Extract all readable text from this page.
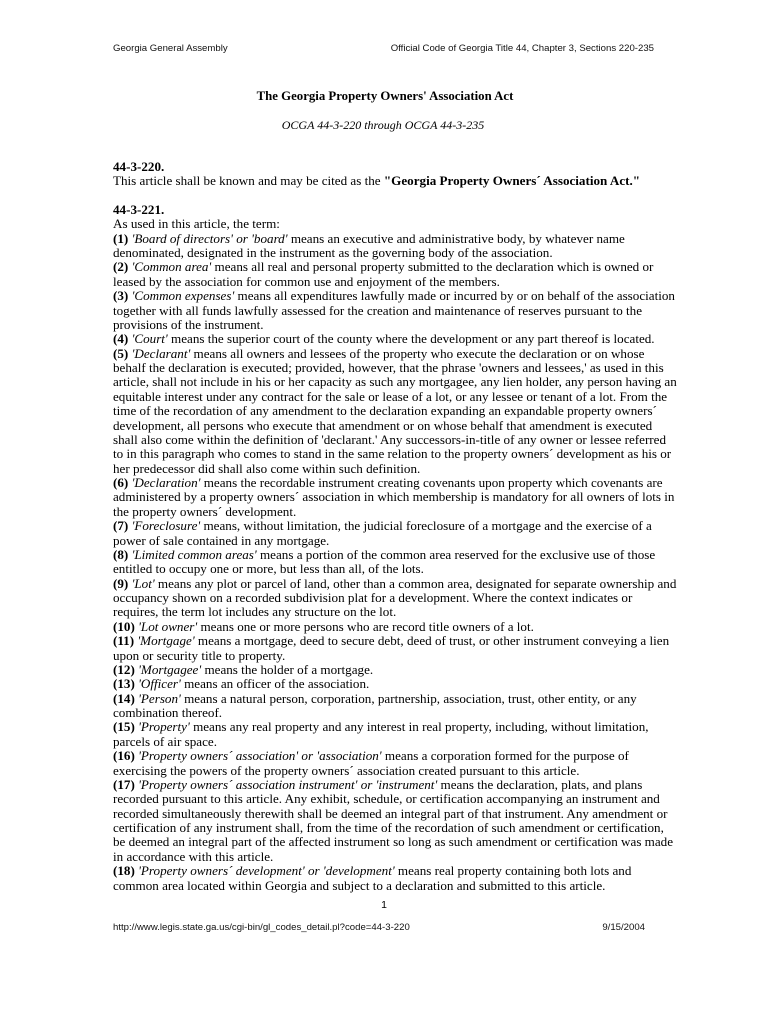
Georgia General Assembly	Official Code of Georgia Title 44, Chapter 3, Sections 220-235
The Georgia Property Owners' Association Act
OCGA 44-3-220 through OCGA 44-3-235
44-3-220.
This article shall be known and may be cited as the "Georgia Property Owners´ Association Act."
44-3-221.
As used in this article, the term:
(1) 'Board of directors' or 'board' means an executive and administrative body, by whatever name
denominated, designated in the instrument as the governing body of the association.
(2) 'Common area' means all real and personal property submitted to the declaration which is owned or
leased by the association for common use and enjoyment of the members.
(3) 'Common expenses' means all expenditures lawfully made or incurred by or on behalf of the association
together with all funds lawfully assessed for the creation and maintenance of reserves pursuant to the
provisions of the instrument.
(4) 'Court' means the superior court of the county where the development or any part thereof is located.
(5) 'Declarant' means all owners and lessees of the property who execute the declaration or on whose
behalf the declaration is executed; provided, however, that the phrase 'owners and lessees,' as used in this
article, shall not include in his or her capacity as such any mortgagee, any lien holder, any person having an
equitable interest under any contract for the sale or lease of a lot, or any lessee or tenant of a lot. From the
time of the recordation of any amendment to the declaration expanding an expandable property owners´
development, all persons who execute that amendment or on whose behalf that amendment is executed
shall also come within the definition of 'declarant.' Any successors-in-title of any owner or lessee referred
to in this paragraph who comes to stand in the same relation to the property owners´ development as his or
her predecessor did shall also come within such definition.
(6) 'Declaration' means the recordable instrument creating covenants upon property which covenants are
administered by a property owners´ association in which membership is mandatory for all owners of lots in
the property owners´ development.
(7) 'Foreclosure' means, without limitation, the judicial foreclosure of a mortgage and the exercise of a
power of sale contained in any mortgage.
(8) 'Limited common areas' means a portion of the common area reserved for the exclusive use of those
entitled to occupy one or more, but less than all, of the lots.
(9) 'Lot' means any plot or parcel of land, other than a common area, designated for separate ownership and
occupancy shown on a recorded subdivision plat for a development. Where the context indicates or
requires, the term lot includes any structure on the lot.
(10) 'Lot owner' means one or more persons who are record title owners of a lot.
(11) 'Mortgage' means a mortgage, deed to secure debt, deed of trust, or other instrument conveying a lien
upon or security title to property.
(12) 'Mortgagee' means the holder of a mortgage.
(13) 'Officer' means an officer of the association.
(14) 'Person' means a natural person, corporation, partnership, association, trust, other entity, or any
combination thereof.
(15) 'Property' means any real property and any interest in real property, including, without limitation,
parcels of air space.
(16) 'Property owners´ association' or 'association' means a corporation formed for the purpose of
exercising the powers of the property owners´ association created pursuant to this article.
(17) 'Property owners´ association instrument' or 'instrument' means the declaration, plats, and plans
recorded pursuant to this article. Any exhibit, schedule, or certification accompanying an instrument and
recorded simultaneously therewith shall be deemed an integral part of that instrument. Any amendment or
certification of any instrument shall, from the time of the recordation of such amendment or certification,
be deemed an integral part of the affected instrument so long as such amendment or certification was made
in accordance with this article.
(18) 'Property owners´ development' or 'development' means real property containing both lots and
common area located within Georgia and subject to a declaration and submitted to this article.
1
http://www.legis.state.ga.us/cgi-bin/gl_codes_detail.pl?code=44-3-220	9/15/2004
